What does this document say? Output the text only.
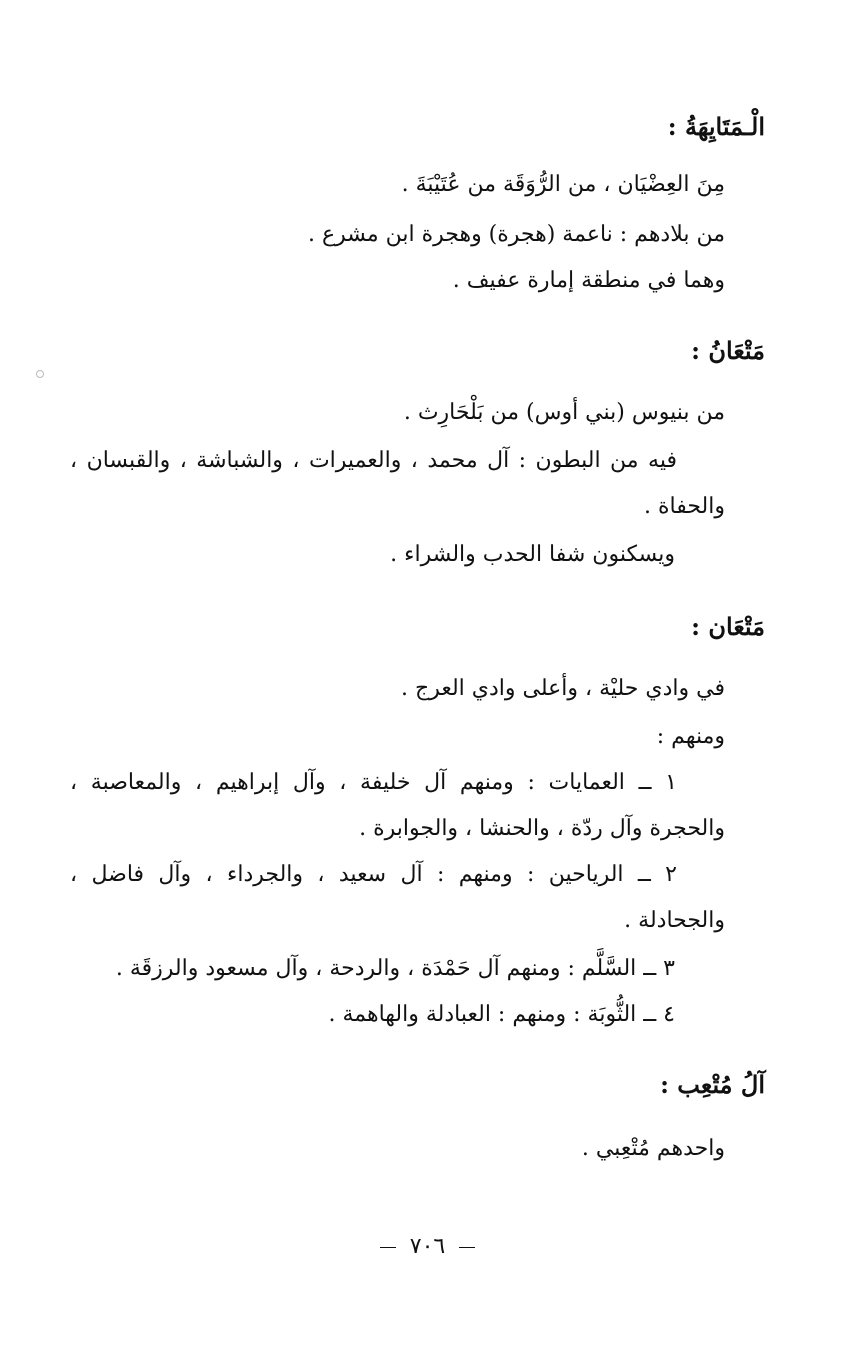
الْـمَتَايِهَةُ :
مِنَ العِضْيَان ، من الرُّوَقَة من عُتَيْبَةَ .
من بلادهم : ناعمة (هجرة) وهجرة ابن مشرع .
وهما في منطقة إمارة عفيف .
مَتْعَانُ :
من بنيوس (بني أوس) من بَلْحَارِث .
فيه من البطون : آل محمد ، والعميرات ، والشباشة ، والقبسان ،
والحفاة .
ويسكنون شفا الحدب والشراء .
مَتْعَان :
في وادي حليْة ، وأعلى وادي العرج .
ومنهم :
١ ــ العمايات : ومنهم آل خليفة ، وآل إبراهيم ، والمعاصبة ،
والحجرة وآل ردّة ، والحنشا ، والجوابرة .
٢ ــ الرياحين : ومنهم : آل سعيد ، والجرداء ، وآل فاضل ،
والجحادلة .
٣ ــ السَّلَّم : ومنهم آل حَمْدَة ، والردحة ، وآل مسعود والرزقَة .
٤ ــ الثُّوبَة : ومنهم : العبادلة والهاهمة .
آلُ مُتْعِب :
واحدهم مُتْعِبي .
٧٠٦
